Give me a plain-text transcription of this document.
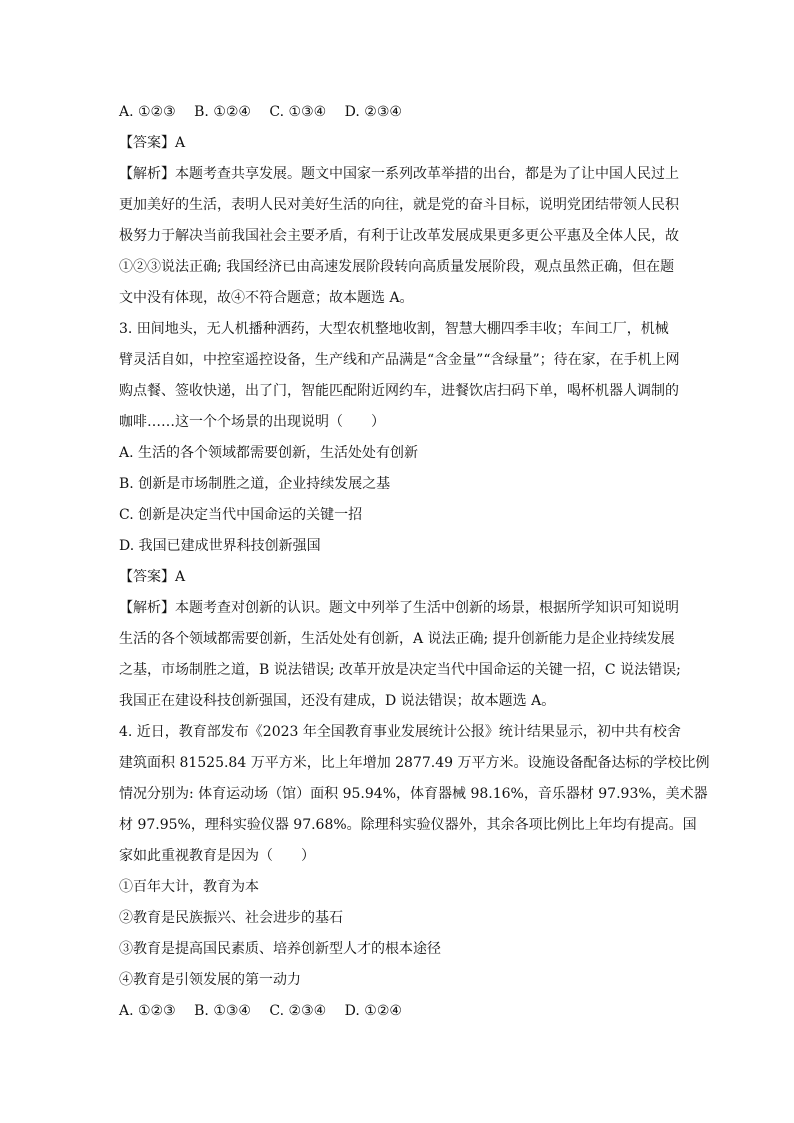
A. ①②③ B. ①②④ C. ①③④ D. ②③④
【答案】A
【解析】本题考查共享发展。题文中国家一系列改革举措的出台，都是为了让中国人民过上
更加美好的生活，表明人民对美好生活的向往，就是党的奋斗目标，说明党团结带领人民积
极努力于解决当前我国社会主要矛盾，有利于让改革发展成果更多更公平惠及全体人民，故
①②③说法正确; 我国经济已由高速发展阶段转向高质量发展阶段，观点虽然正确，但在题
文中没有体现，故④不符合题意；故本题选 A。
3. 田间地头，无人机播种洒药，大型农机整地收割，智慧大棚四季丰收；车间工厂，机械
臂灵活自如，中控室遥控设备，生产线和产品满是“含金量”“含绿量”；待在家，在手机上网
购点餐、签收快递，出了门，智能匹配附近网约车，进餐饮店扫码下单，喝杯机器人调制的
咖啡……这一个个场景的出现说明（　　）
A. 生活的各个领域都需要创新，生活处处有创新
B. 创新是市场制胜之道，企业持续发展之基
C. 创新是决定当代中国命运的关键一招
D. 我国已建成世界科技创新强国
【答案】A
【解析】本题考查对创新的认识。题文中列举了生活中创新的场景，根据所学知识可知说明
生活的各个领域都需要创新，生活处处有创新，A 说法正确; 提升创新能力是企业持续发展
之基，市场制胜之道，B 说法错误; 改革开放是决定当代中国命运的关键一招，C 说法错误;
我国正在建设科技创新强国，还没有建成，D 说法错误；故本题选 A。
4. 近日，教育部发布《2023 年全国教育事业发展统计公报》统计结果显示，初中共有校舍
建筑面积 81525.84 万平方米，比上年增加 2877.49 万平方米。设施设备配备达标的学校比例
情况分别为: 体育运动场（馆）面积 95.94%，体育器械 98.16%，音乐器材 97.93%，美术器
材 97.95%，理科实验仪器 97.68%。除理科实验仪器外，其余各项比例比上年均有提高。国
家如此重视教育是因为（　　）
①百年大计，教育为本
②教育是民族振兴、社会进步的基石
③教育是提高国民素质、培养创新型人才的根本途径
④教育是引领发展的第一动力
A. ①②③ B. ①③④ C. ②③④ D. ①②④
